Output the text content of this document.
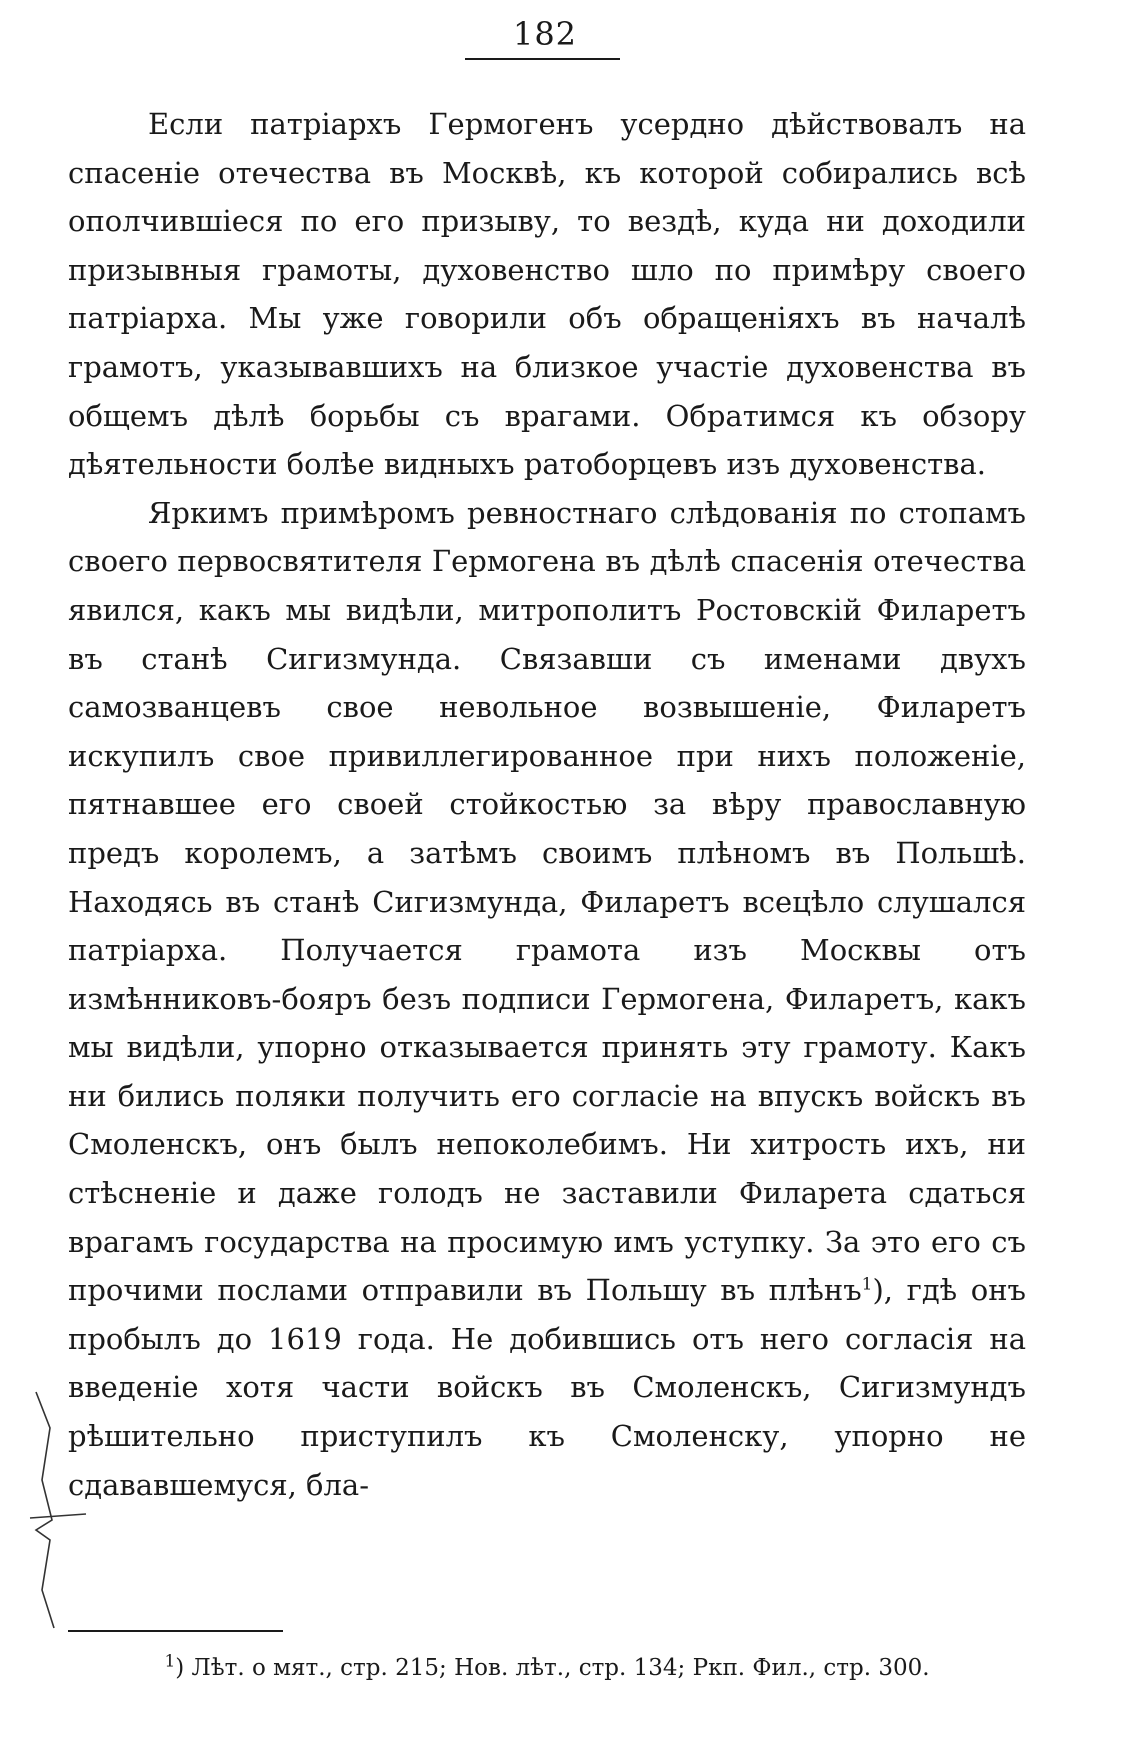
182

Если патріархъ Гермогенъ усердно дѣйствовалъ на спасеніе отечества въ Москвѣ, къ которой собирались всѣ ополчившіеся по его призыву, то вездѣ, куда ни доходили призывныя грамоты, духовенство шло по примѣру своего патріарха. Мы уже говорили объ обращеніяхъ въ началѣ грамотъ, указывавшихъ на близкое участіе духовенства въ общемъ дѣлѣ борьбы съ врагами. Обратимся къ обзору дѣятельности болѣе видныхъ ратоборцевъ изъ духовенства.

Яркимъ примѣромъ ревностнаго слѣдованія по стопамъ своего первосвятителя Гермогена въ дѣлѣ спасенія отечества явился, какъ мы видѣли, митрополитъ Ростовскій Филаретъ въ станѣ Сигизмунда. Связавши съ именами двухъ самозванцевъ свое невольное возвышеніе, Филаретъ искупилъ свое привиллегированное при нихъ положеніе, пятнавшее его своей стойкостью за вѣру православную предъ королемъ, а затѣмъ своимъ плѣномъ въ Польшѣ. Находясь въ станѣ Сигизмунда, Филаретъ всецѣло слушался патріарха. Получается грамота изъ Москвы отъ измѣнниковъ-бояръ безъ подписи Гермогена, Филаретъ, какъ мы видѣли, упорно отказывается принять эту грамоту. Какъ ни бились поляки получить его согласіе на впускъ войскъ въ Смоленскъ, онъ былъ непоколебимъ. Ни хитрость ихъ, ни стѣсненіе и даже голодъ не заставили Филарета сдаться врагамъ государства на просимую имъ уступку. За это его съ прочими послами отправили въ Польшу въ плѣнъ$^1$), гдѣ онъ пробылъ до 1619 года. Не добившись отъ него согласія на введеніе хотя части войскъ въ Смоленскъ, Сигизмундъ рѣшительно приступилъ къ Смоленску, упорно не сдававшемуся, бла-

$^1$) Лѣт. о мят., стр. 215; Нов. лѣт., стр. 134; Ркп. Фил., стр. 300.
